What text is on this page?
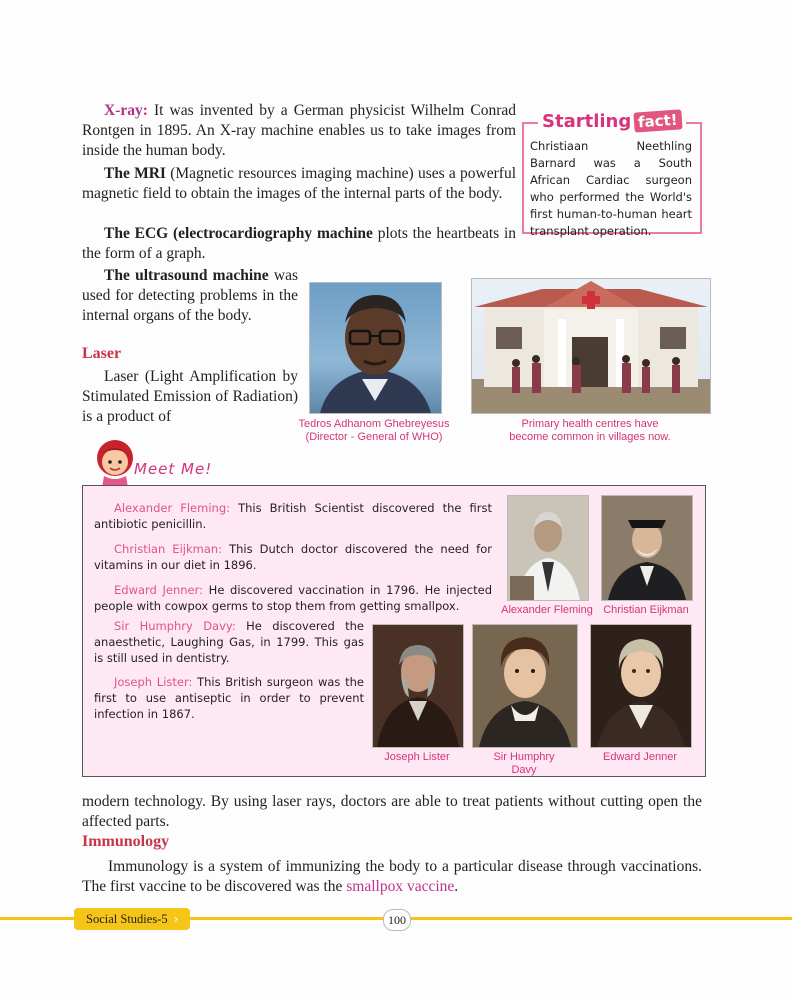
X-ray: It was invented by a German physicist Wilhelm Conrad Rontgen in 1895. An X-ray machine enables us to take images from inside the human body.
The MRI (Magnetic resources imaging machine) uses a powerful magnetic field to obtain the images of the internal parts of the body.
The ECG (electrocardiography machine plots the heartbeats in the form of a graph.
Startling fact!
Christiaan Neethling Barnard was a South African Cardiac surgeon who performed the World's first human-to-human heart transplant operation.
The ultrasound machine was used for detecting problems in the internal organs of the body.
Laser
Laser (Light Amplification by Stimulated Emission of Radiation) is a product of	Tedros Adhanom Ghebreyesus
(Director - General of WHO)
Primary health centres have
become common in villages now.
Meet Me!
Alexander Fleming: This British Scientist discovered the first antibiotic penicillin.
Christian Eijkman: This Dutch doctor discovered the need for vitamins in our diet in 1896.
Edward Jenner: He discovered vaccination in 1796. He injected people with cowpox germs to stop them from getting smallpox.
Sir Humphry Davy: He discovered the anaesthetic, Laughing Gas, in 1799. This gas is still used in dentistry.
Joseph Lister: This British surgeon was the first to use antiseptic in order to prevent infection in 1867.
Alexander Fleming Christian Eijkman
Joseph Lister	Sir Humphry
Davy
Edward Jenner
modern technology. By using laser rays, doctors are able to treat patients without cutting open the affected parts.
Immunology
Immunology is a system of immunizing the body to a particular disease through vaccinations. The first vaccine to be discovered was the smallpox vaccine.
Social Studies-5 ›	100
